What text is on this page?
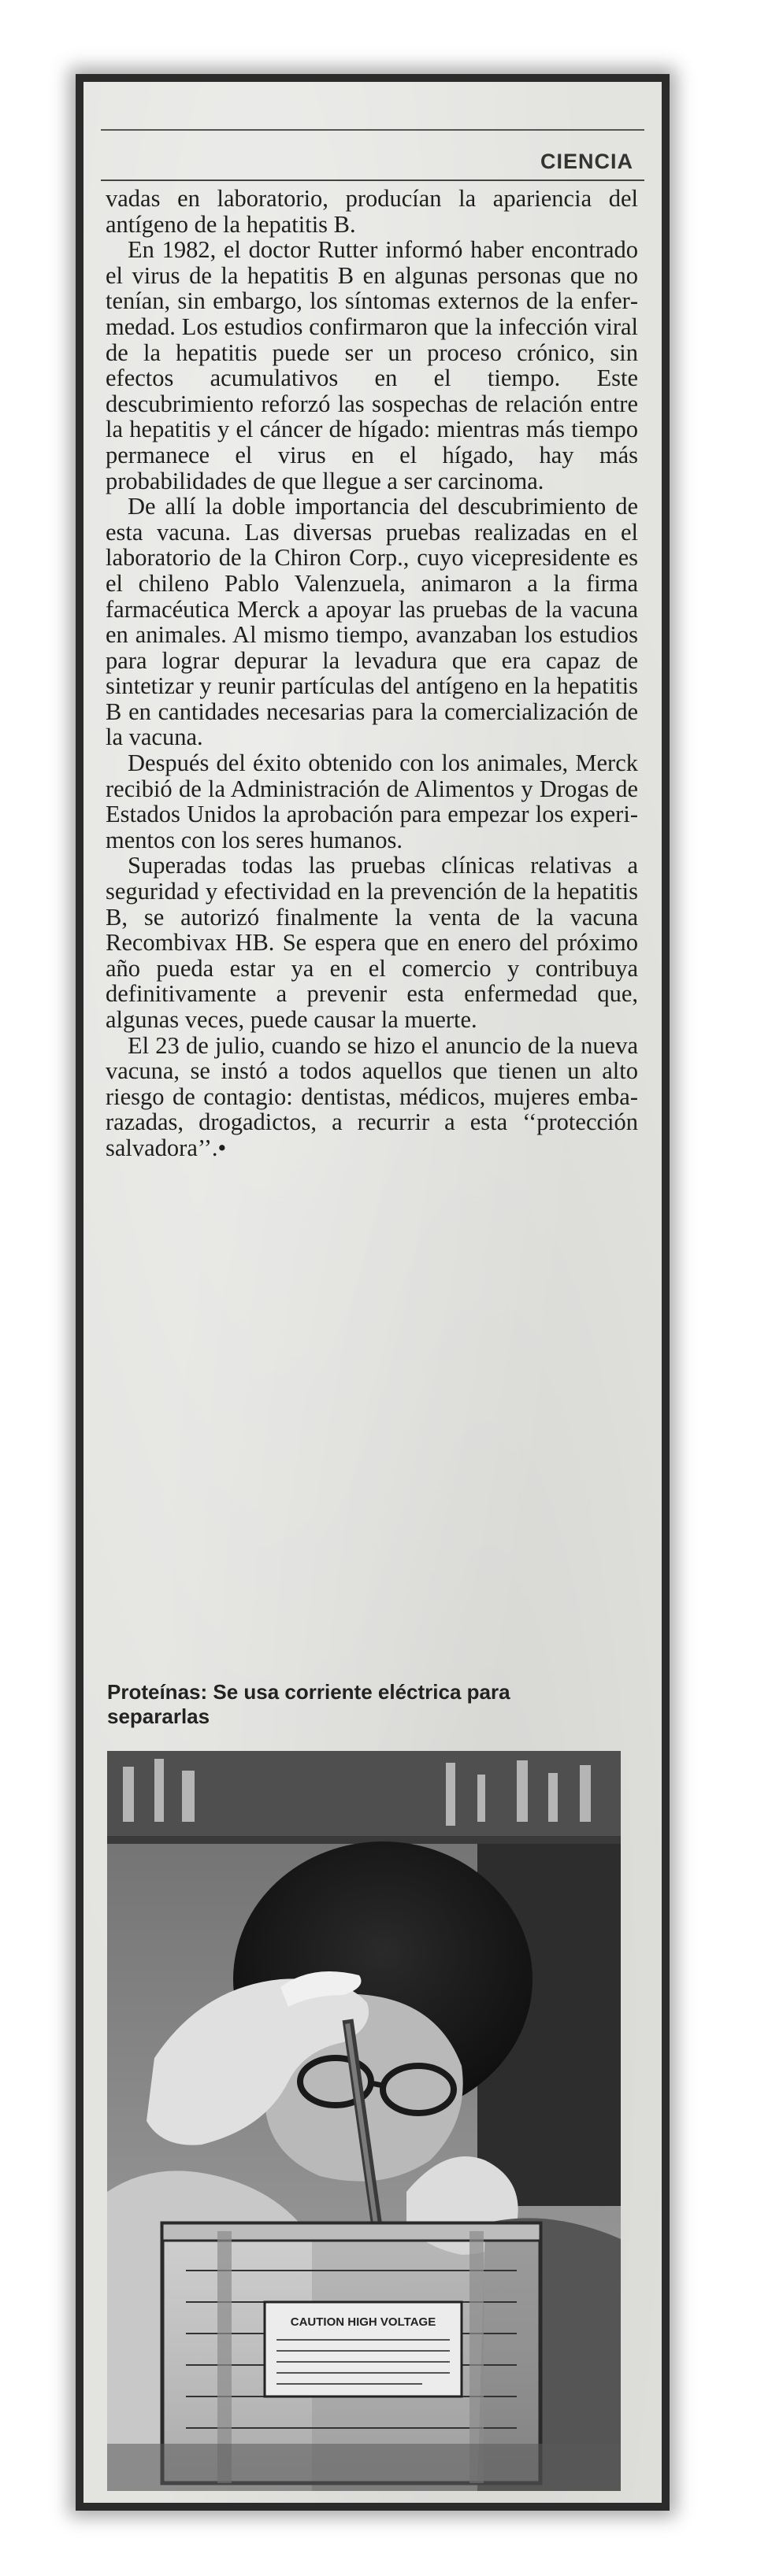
CIENCIA

vadas en laboratorio, producían la apariencia del antígeno de la hepatitis B.

En 1982, el doctor Rutter informó haber encontrado el virus de la hepatitis B en algunas personas que no tenían, sin embargo, los síntomas externos de la enfermedad. Los estudios confirmaron que la infección viral de la hepatitis puede ser un proceso crónico, sin efectos acumulativos en el tiempo. Este descubrimiento reforzó las sospechas de relación entre la hepatitis y el cáncer de hígado: mientras más tiempo permanece el virus en el hígado, hay más probabilidades de que llegue a ser carcinoma.

De allí la doble importancia del descubrimiento de esta vacuna. Las diversas pruebas realizadas en el laboratorio de la Chiron Corp., cuyo vicepresidente es el chileno Pablo Valenzuela, animaron a la firma farmacéutica Merck a apoyar las pruebas de la vacuna en animales. Al mismo tiempo, avanzaban los estudios para lograr depurar la levadura que era capaz de sintetizar y reunir partículas del antígeno en la hepatitis B en cantidades necesarias para la comercialización de la vacuna.

Después del éxito obtenido con los animales, Merck recibió de la Administración de Alimentos y Drogas de Estados Unidos la aprobación para empezar los experimentos con los seres humanos.

Superadas todas las pruebas clínicas relativas a seguridad y efectividad en la prevención de la hepatitis B, se autorizó finalmente la venta de la vacuna Recombivax HB. Se espera que en enero del próximo año pueda estar ya en el comercio y contribuya definitivamente a prevenir esta enfermedad que, algunas veces, puede causar la muerte.

El 23 de julio, cuando se hizo el anuncio de la nueva vacuna, se instó a todos aquellos que tienen un alto riesgo de contagio: dentistas, médicos, mujeres embarazadas, drogadictos, a recurrir a esta ‘‘protección salvadora’’.•

Proteínas: Se usa corriente eléctrica para separarlas
CAUTION HIGH VOLTAGE
